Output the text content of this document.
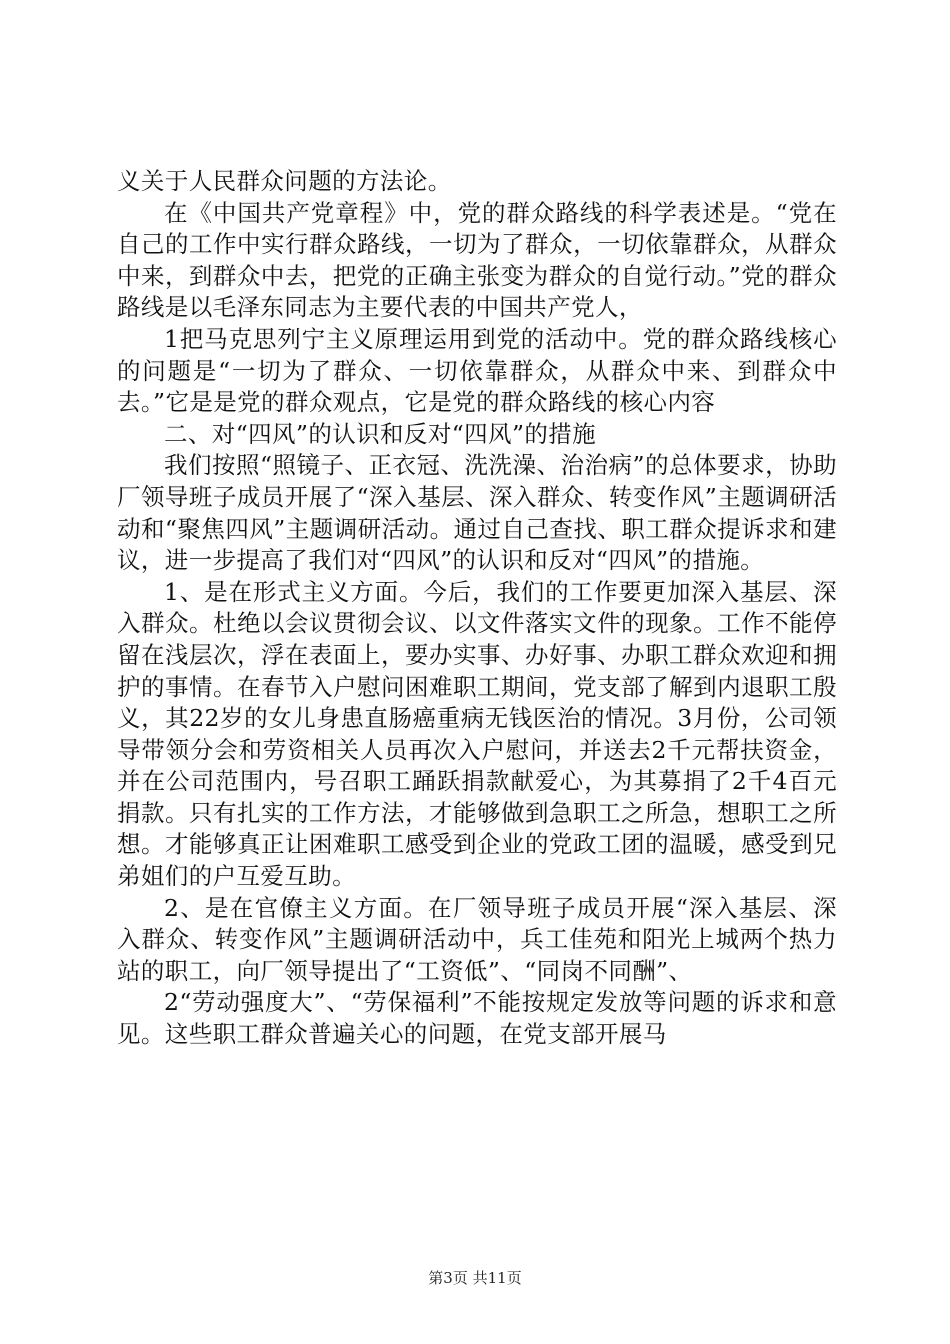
义关于人民群众问题的方法论。

在《中国共产党章程》中，党的群众路线的科学表述是。“党在自己的工作中实行群众路线，一切为了群众，一切依靠群众，从群众中来，到群众中去，把党的正确主张变为群众的自觉行动。”党的群众路线是以毛泽东同志为主要代表的中国共产党人，

1把马克思列宁主义原理运用到党的活动中。党的群众路线核心的问题是“一切为了群众、一切依靠群众，从群众中来、到群众中去。”它是是党的群众观点，它是党的群众路线的核心内容

二、对“四风”的认识和反对“四风”的措施

我们按照“照镜子、正衣冠、洗洗澡、治治病”的总体要求，协助厂领导班子成员开展了“深入基层、深入群众、转变作风”主题调研活动和“聚焦四风”主题调研活动。通过自己查找、职工群众提诉求和建议，进一步提高了我们对“四风”的认识和反对“四风”的措施。

1、是在形式主义方面。今后，我们的工作要更加深入基层、深入群众。杜绝以会议贯彻会议、以文件落实文件的现象。工作不能停留在浅层次，浮在表面上，要办实事、办好事、办职工群众欢迎和拥护的事情。在春节入户慰问困难职工期间，党支部了解到内退职工殷义，其22岁的女儿身患直肠癌重病无钱医治的情况。3月份，公司领导带领分会和劳资相关人员再次入户慰问，并送去2千元帮扶资金，并在公司范围内，号召职工踊跃捐款献爱心，为其募捐了2千4百元捐款。只有扎实的工作方法，才能够做到急职工之所急，想职工之所想。才能够真正让困难职工感受到企业的党政工团的温暖，感受到兄弟姐们的户互爱互助。

2、是在官僚主义方面。在厂领导班子成员开展“深入基层、深入群众、转变作风”主题调研活动中，兵工佳苑和阳光上城两个热力站的职工，向厂领导提出了“工资低”、“同岗不同酬”、

2“劳动强度大”、“劳保福利”不能按规定发放等问题的诉求和意见。这些职工群众普遍关心的问题，在党支部开展马

第3页 共11页
